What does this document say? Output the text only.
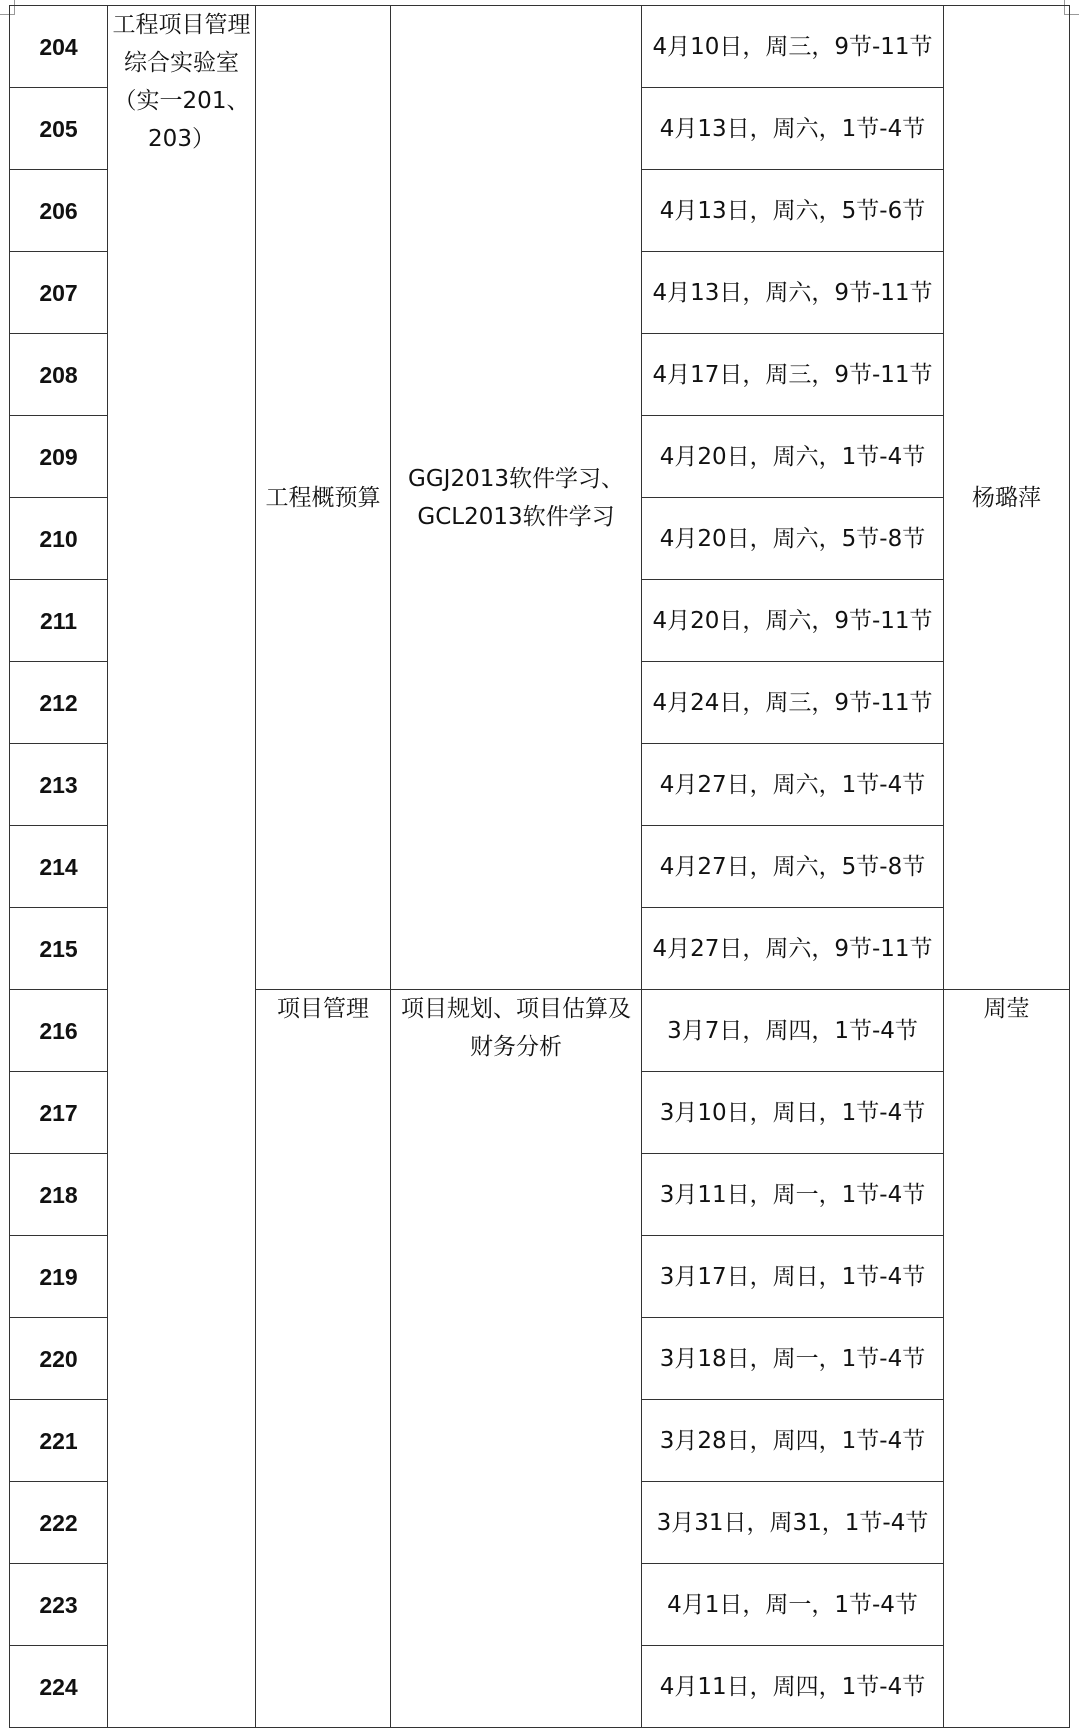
204	工程项目管理综合实验室（实一201、203）	工程概预算	GGJ2013软件学习、GCL2013软件学习	4月10日，周三，9节-11节	杨璐萍
205				4月13日，周六，1节-4节	
206				4月13日，周六，5节-6节	
207				4月13日，周六，9节-11节	
208				4月17日，周三，9节-11节	
209				4月20日，周六，1节-4节	
210				4月20日，周六，5节-8节	
211				4月20日，周六，9节-11节	
212				4月24日，周三，9节-11节	
213				4月27日，周六，1节-4节	
214				4月27日，周六，5节-8节	
215				4月27日，周六，9节-11节	
216		项目管理	项目规划、项目估算及财务分析	3月7日，周四，1节-4节	周莹
217				3月10日，周日，1节-4节	
218				3月11日，周一，1节-4节	
219				3月17日，周日，1节-4节	
220				3月18日，周一，1节-4节	
221				3月28日，周四，1节-4节	
222				3月31日，周31，1节-4节	
223				4月1日，周一，1节-4节	
224				4月11日，周四，1节-4节	
